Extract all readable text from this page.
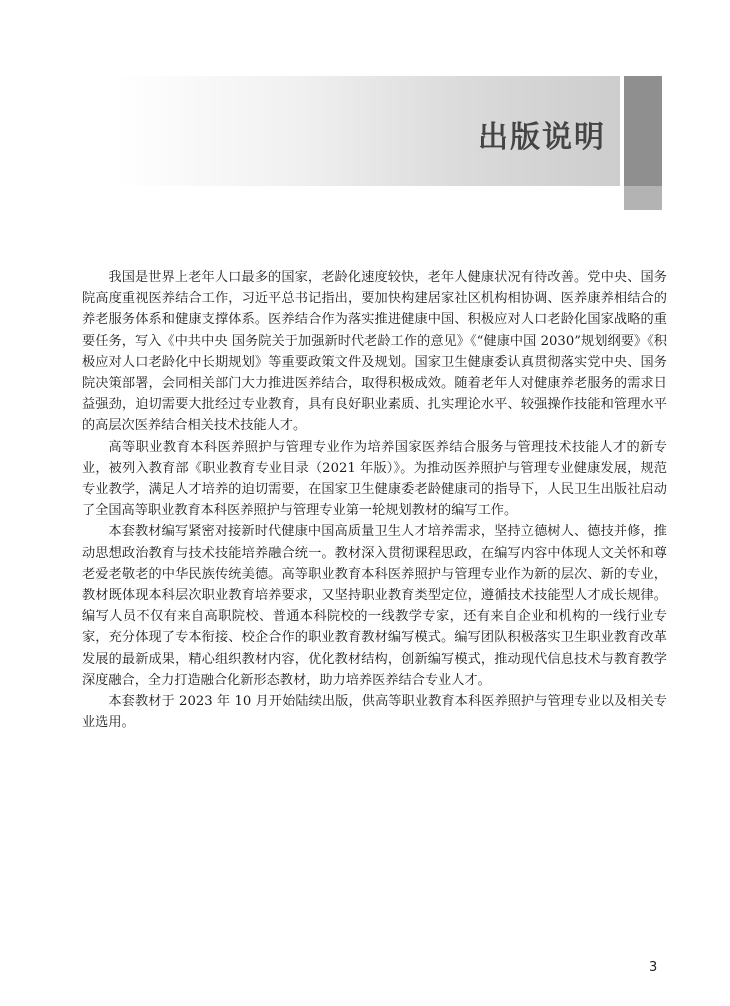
出版说明

我国是世界上老年人口最多的国家，老龄化速度较快，老年人健康状况有待改善。党中央、国务院高度重视医养结合工作，习近平总书记指出，要加快构建居家社区机构相协调、医养康养相结合的养老服务体系和健康支撑体系。医养结合作为落实推进健康中国、积极应对人口老龄化国家战略的重要任务，写入《中共中央 国务院关于加强新时代老龄工作的意见》《“健康中国 2030”规划纲要》《积极应对人口老龄化中长期规划》等重要政策文件及规划。国家卫生健康委认真贯彻落实党中央、国务院决策部署，会同相关部门大力推进医养结合，取得积极成效。随着老年人对健康养老服务的需求日益强劲，迫切需要大批经过专业教育，具有良好职业素质、扎实理论水平、较强操作技能和管理水平的高层次医养结合相关技术技能人才。

高等职业教育本科医养照护与管理专业作为培养国家医养结合服务与管理技术技能人才的新专业，被列入教育部《职业教育专业目录（2021 年版）》。为推动医养照护与管理专业健康发展，规范专业教学，满足人才培养的迫切需要，在国家卫生健康委老龄健康司的指导下，人民卫生出版社启动了全国高等职业教育本科医养照护与管理专业第一轮规划教材的编写工作。

本套教材编写紧密对接新时代健康中国高质量卫生人才培养需求，坚持立德树人、德技并修，推动思想政治教育与技术技能培养融合统一。教材深入贯彻课程思政，在编写内容中体现人文关怀和尊老爱老敬老的中华民族传统美德。高等职业教育本科医养照护与管理专业作为新的层次、新的专业，教材既体现本科层次职业教育培养要求，又坚持职业教育类型定位，遵循技术技能型人才成长规律。编写人员不仅有来自高职院校、普通本科院校的一线教学专家，还有来自企业和机构的一线行业专家，充分体现了专本衔接、校企合作的职业教育教材编写模式。编写团队积极落实卫生职业教育改革发展的最新成果，精心组织教材内容，优化教材结构，创新编写模式，推动现代信息技术与教育教学深度融合，全力打造融合化新形态教材，助力培养医养结合专业人才。

本套教材于 2023 年 10 月开始陆续出版，供高等职业教育本科医养照护与管理专业以及相关专业选用。

3
